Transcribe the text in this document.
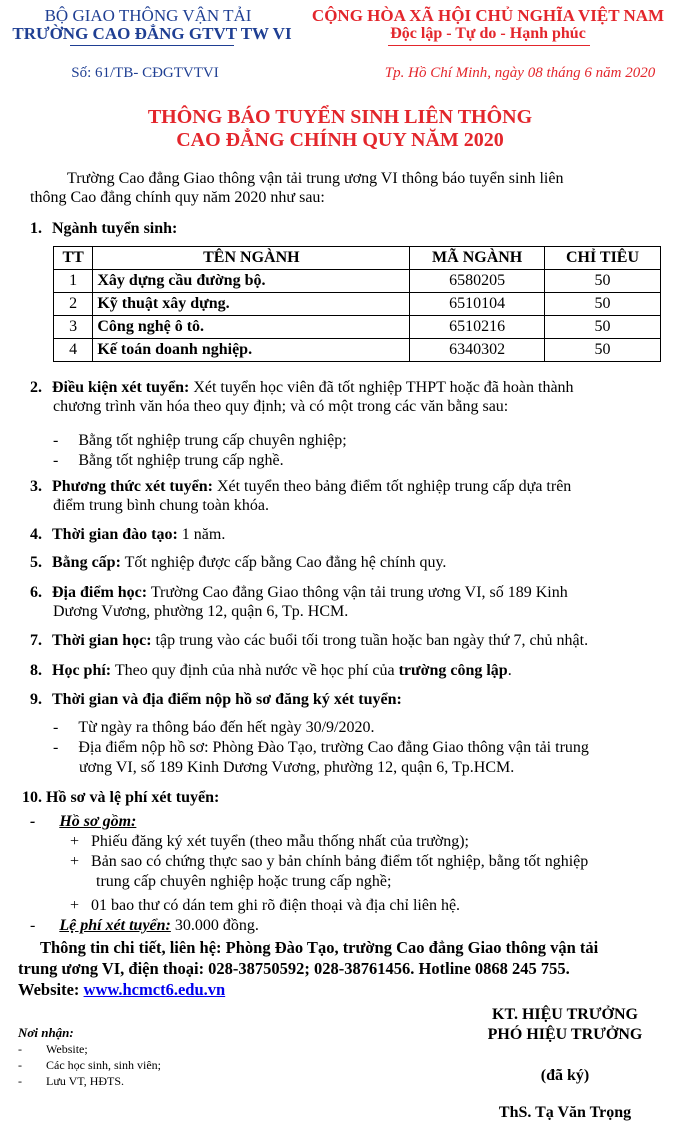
BỘ GIAO THÔNG VẬN TẢI
TRƯỜNG CAO ĐẲNG GTVT TW VI
Số: 61/TB- CĐGTVTVI
CỘNG HÒA XÃ HỘI CHỦ NGHĨA VIỆT NAM
Độc lập - Tự do - Hạnh phúc
Tp. Hồ Chí Minh, ngày 08 tháng 6 năm 2020
THÔNG BÁO TUYỂN SINH LIÊN THÔNG
CAO ĐẲNG CHÍNH QUY NĂM 2020
Trường Cao đẳng Giao thông vận tải trung ương VI thông báo tuyển sinh liên
thông Cao đẳng chính quy năm 2020 như sau:
1. Ngành tuyển sinh:
TT	TÊN NGÀNH	MÃ NGÀNH	CHỈ TIÊU
1	Xây dựng cầu đường bộ.	6580205	50
2	Kỹ thuật xây dựng.	6510104	50
3	Công nghệ ô tô.	6510216	50
4	Kế toán doanh nghiệp.	6340302	50
2. Điều kiện xét tuyển: Xét tuyển học viên đã tốt nghiệp THPT hoặc đã hoàn thành
chương trình văn hóa theo quy định; và có một trong các văn bằng sau:
-     Bằng tốt nghiệp trung cấp chuyên nghiệp;
-     Bằng tốt nghiệp trung cấp nghề.
3. Phương thức xét tuyển: Xét tuyển theo bảng điểm tốt nghiệp trung cấp dựa trên
điểm trung bình chung toàn khóa.
4. Thời gian đào tạo: 1 năm.
5. Bằng cấp: Tốt nghiệp được cấp bằng Cao đẳng hệ chính quy.
6. Địa điểm học: Trường Cao đẳng Giao thông vận tải trung ương VI, số 189 Kinh
Dương Vương, phường 12, quận 6, Tp. HCM.
7. Thời gian học: tập trung vào các buổi tối trong tuần hoặc ban ngày thứ 7, chủ nhật.
8. Học phí: Theo quy định của nhà nước về học phí của trường công lập.
9. Thời gian và địa điểm nộp hồ sơ đăng ký xét tuyển:
-     Từ ngày ra thông báo đến hết ngày 30/9/2020.
-     Địa điểm nộp hồ sơ: Phòng Đào Tạo, trường Cao đẳng Giao thông vận tải trung
ương VI, số 189 Kinh Dương Vương, phường 12, quận 6, Tp.HCM.
10. Hồ sơ và lệ phí xét tuyển:
-      Hồ sơ gồm:
+   Phiếu đăng ký xét tuyển (theo mẫu thống nhất của trường);
+   Bản sao có chứng thực sao y bản chính bảng điểm tốt nghiệp, bằng tốt nghiệp
trung cấp chuyên nghiệp hoặc trung cấp nghề;
+   01 bao thư có dán tem ghi rõ điện thoại và địa chỉ liên hệ.
-      Lệ phí xét tuyển: 30.000 đồng.
Thông tin chi tiết, liên hệ: Phòng Đào Tạo, trường Cao đẳng Giao thông vận tải
trung ương VI, điện thoại: 028-38750592; 028-38761456. Hotline 0868 245 755.
Website: www.hcmct6.edu.vn
Nơi nhận:
-        Website;
-        Các học sinh, sinh viên;
-        Lưu VT, HĐTS.
KT. HIỆU TRƯỞNG
PHÓ HIỆU TRƯỞNG
(đã ký)
ThS. Tạ Văn Trọng
